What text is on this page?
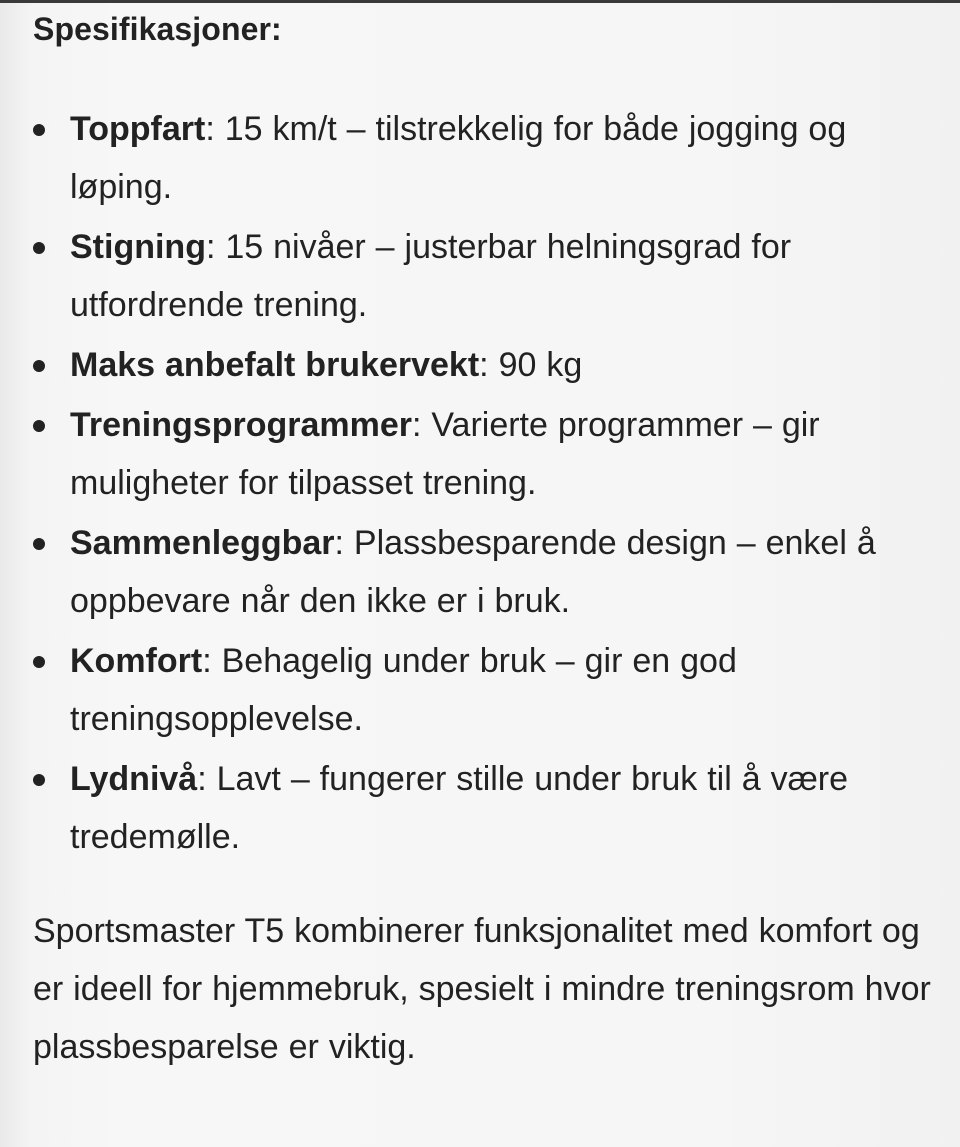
Spesifikasjoner:
Toppfart: 15 km/t – tilstrekkelig for både jogging og løping.
Stigning: 15 nivåer – justerbar helningsgrad for utfordrende trening.
Maks anbefalt brukervekt: 90 kg
Treningsprogrammer: Varierte programmer – gir muligheter for tilpasset trening.
Sammenleggbar: Plassbesparende design – enkel å oppbevare når den ikke er i bruk.
Komfort: Behagelig under bruk – gir en god treningsopplevelse.
Lydnivå: Lavt – fungerer stille under bruk til å være tredemølle.

Sportsmaster T5 kombinerer funksjonalitet med komfort og er ideell for hjemmebruk, spesielt i mindre treningsrom hvor plassbesparelse er viktig.
